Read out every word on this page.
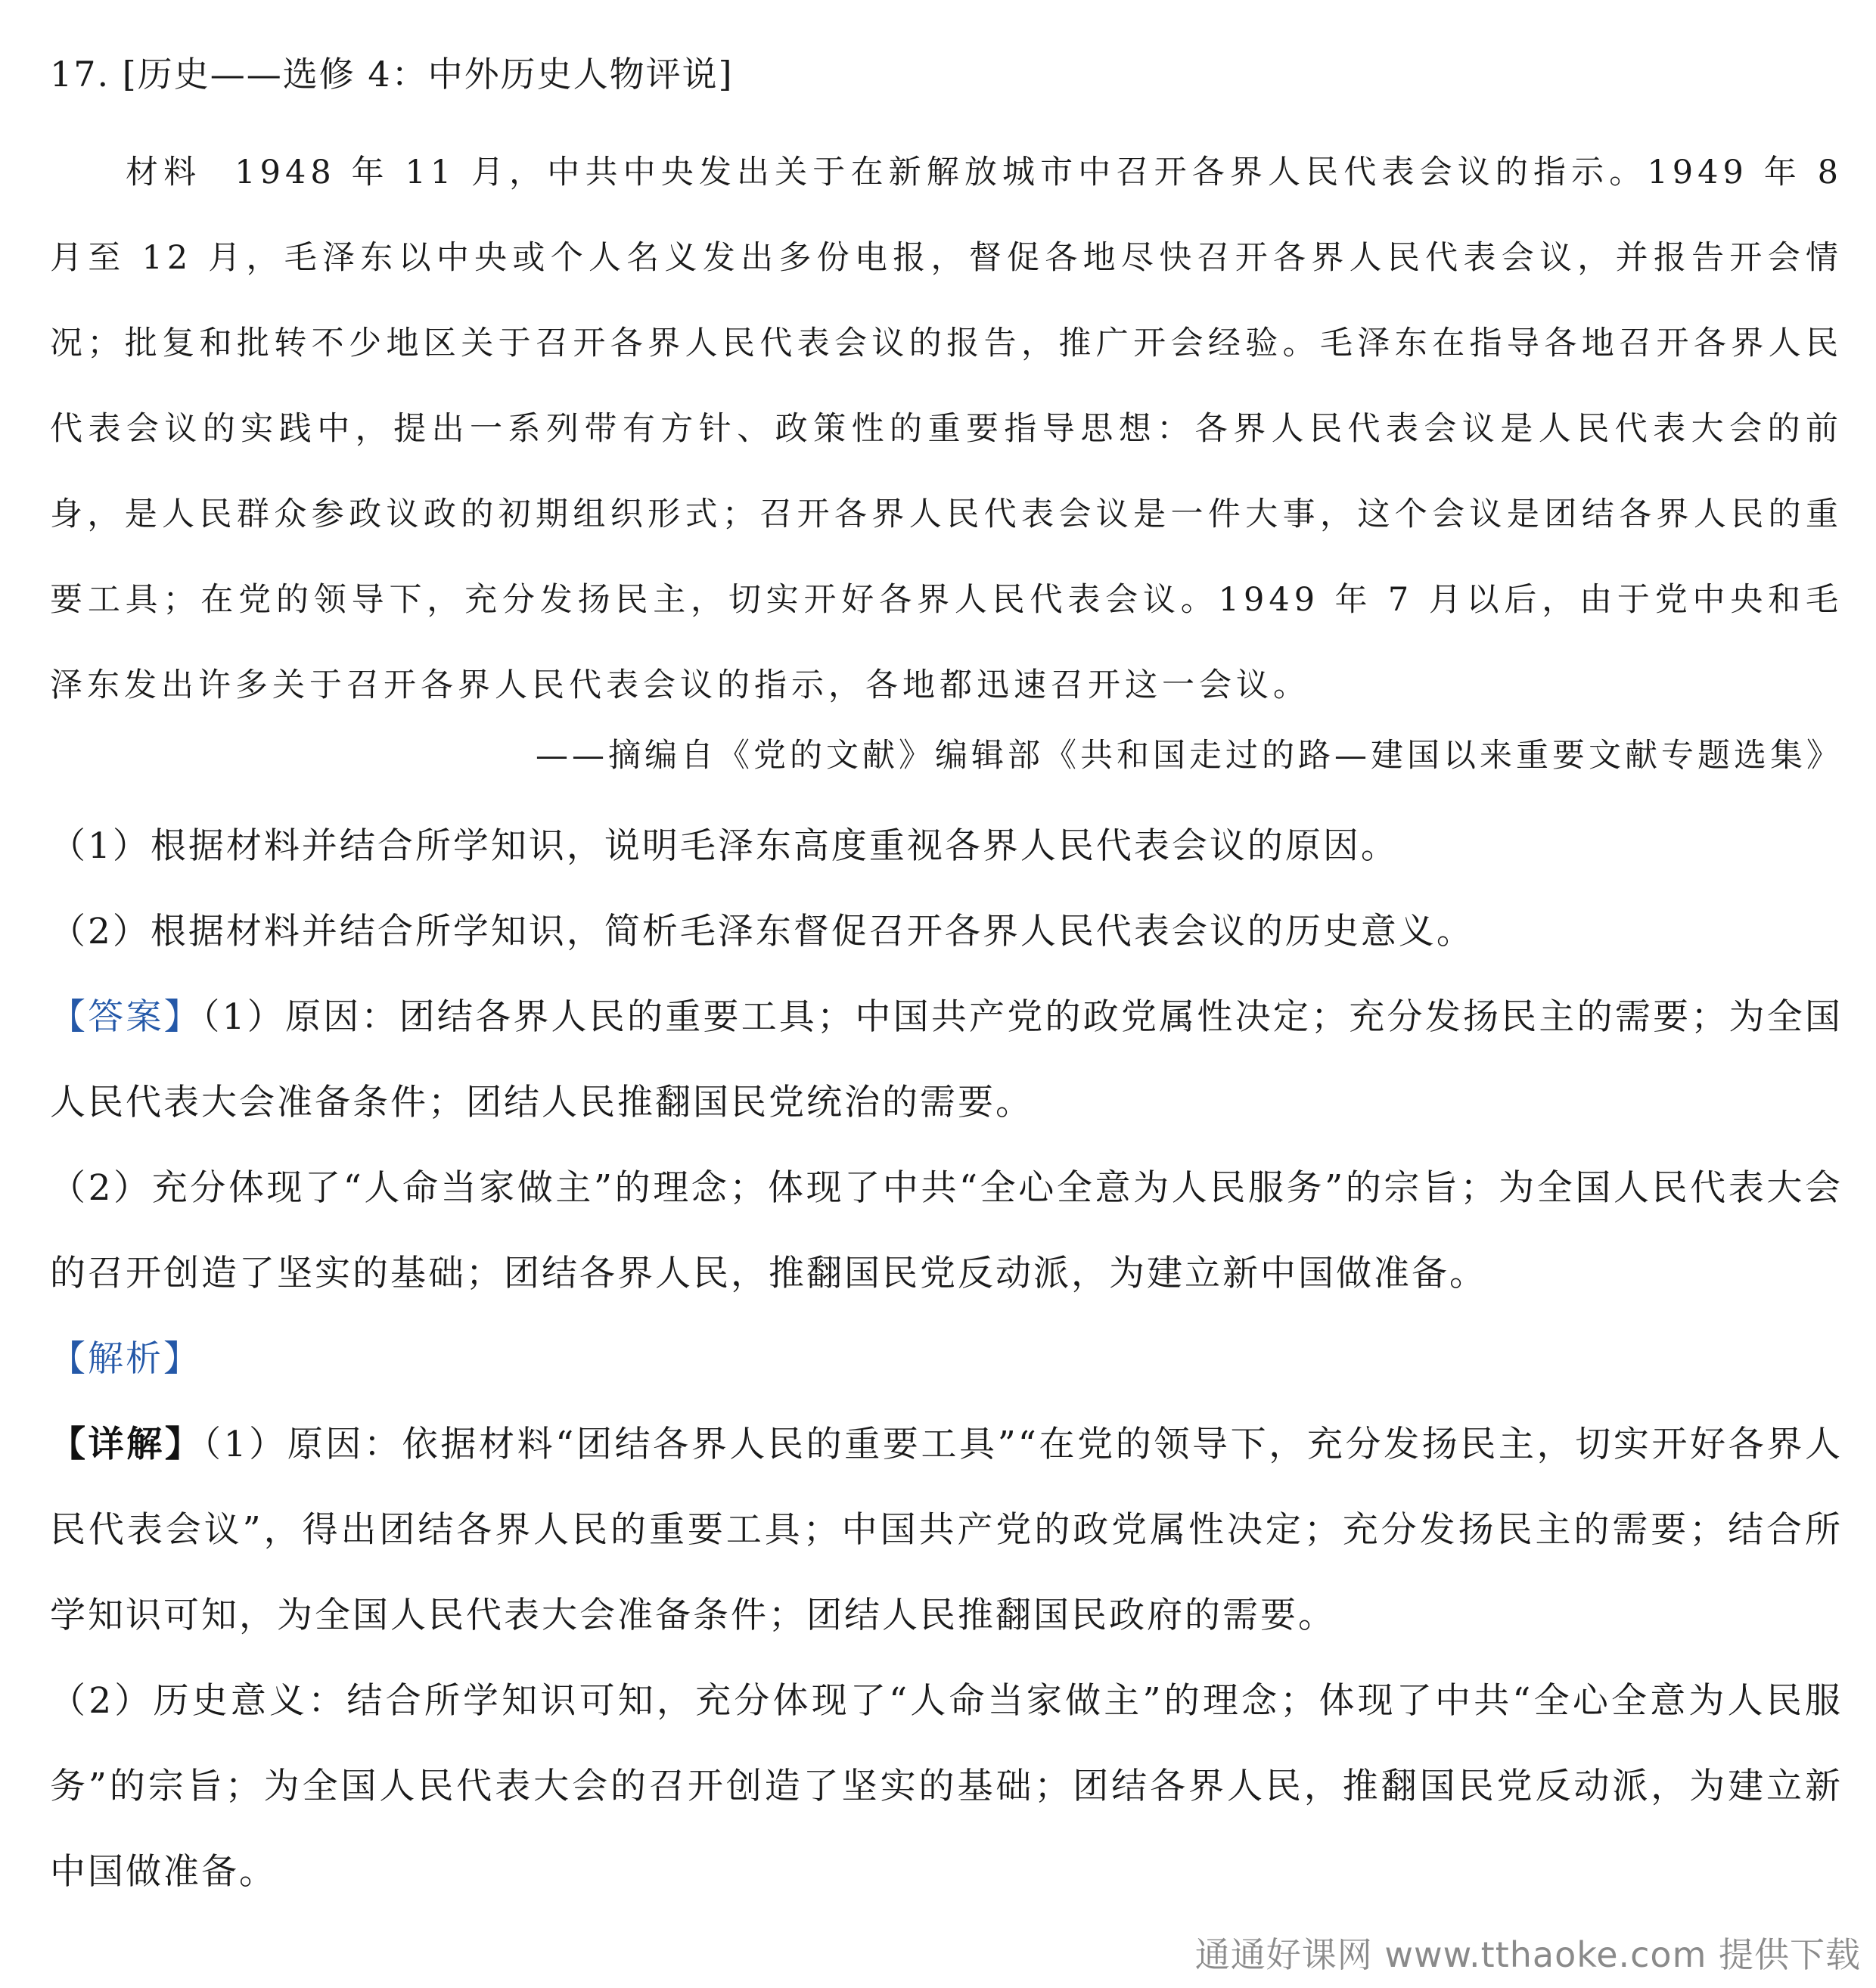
17. [历史——选修 4：中外历史人物评说]
材料 1948 年 11 月，中共中央发出关于在新解放城市中召开各界人民代表会议的指示。1949 年 8 月至 12 月，毛泽东以中央或个人名义发出多份电报，督促各地尽快召开各界人民代表会议，并报告开会情况；批复和批转不少地区关于召开各界人民代表会议的报告，推广开会经验。毛泽东在指导各地召开各界人民代表会议的实践中，提出一系列带有方针、政策性的重要指导思想：各界人民代表会议是人民代表大会的前身，是人民群众参政议政的初期组织形式；召开各界人民代表会议是一件大事，这个会议是团结各界人民的重要工具；在党的领导下，充分发扬民主，切实开好各界人民代表会议。1949 年 7 月以后，由于党中央和毛泽东发出许多关于召开各界人民代表会议的指示，各地都迅速召开这一会议。
——摘编自《党的文献》编辑部《共和国走过的路—建国以来重要文献专题选集》
（1）根据材料并结合所学知识，说明毛泽东高度重视各界人民代表会议的原因。
（2）根据材料并结合所学知识，简析毛泽东督促召开各界人民代表会议的历史意义。
【答案】（1）原因：团结各界人民的重要工具；中国共产党的政党属性决定；充分发扬民主的需要；为全国人民代表大会准备条件；团结人民推翻国民党统治的需要。
（2）充分体现了“人命当家做主”的理念；体现了中共“全心全意为人民服务”的宗旨；为全国人民代表大会的召开创造了坚实的基础；团结各界人民，推翻国民党反动派，为建立新中国做准备。
【解析】
【详解】（1）原因：依据材料“团结各界人民的重要工具”“在党的领导下，充分发扬民主，切实开好各界人民代表会议”，得出团结各界人民的重要工具；中国共产党的政党属性决定；充分发扬民主的需要；结合所学知识可知，为全国人民代表大会准备条件；团结人民推翻国民政府的需要。
（2）历史意义：结合所学知识可知，充分体现了“人命当家做主”的理念；体现了中共“全心全意为人民服务”的宗旨；为全国人民代表大会的召开创造了坚实的基础；团结各界人民，推翻国民党反动派，为建立新中国做准备。
通通好课网 www.tthaoke.com 提供下载
